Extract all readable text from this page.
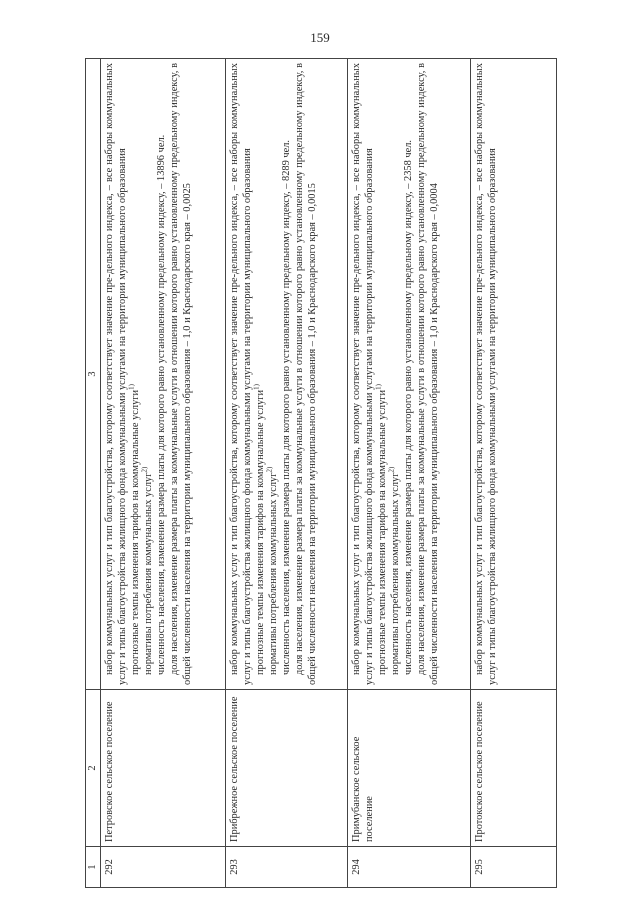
159
1	2	3
292	Петровское сельское поселение	набор коммунальных услуг и тип благоустройства, которому соответствует значение пре-дельного индекса, – все наборы коммунальных услуг и типы благоустройства жилищного фонда коммунальными услугами на территории муниципального образования прогнозные темпы изменения тарифов на коммунальные услуги$^{1)}$
нормативы потребления коммунальных услуг$^{2)}$ численность населения, изменение размера платы для которого равно установленному предельному индексу, – 13896 чел. доля населения, изменение размера платы за коммунальные услуги в отношении которого равно установленному предельному индексу, в общей численности населения на территории муниципального образования – 1,0 и Краснодарского края – 0,0025

293	Прибрежное сельское поселение	набор коммунальных услуг и тип благоустройства, которому соответствует значение пре-дельного индекса, – все наборы коммунальных услуг и типы благоустройства жилищного фонда коммунальными услугами на территории муниципального образования прогнозные темпы изменения тарифов на коммунальные услуги$^{1)}$
нормативы потребления коммунальных услуг$^{2)}$ численность населения, изменение размера платы для которого равно установленному предельному индексу, – 8289 чел. доля населения, изменение размера платы за коммунальные услуги в отношении которого равно установленному предельному индексу, в общей численности населения на территории муниципального образования – 1,0 и Краснодарского края – 0,0015

294	Примубанское сельское поселение	набор коммунальных услуг и тип благоустройства, которому соответствует значение пре-дельного индекса, – все наборы коммунальных услуг и типы благоустройства жилищного фонда коммунальными услугами на территории муниципального образования прогнозные темпы изменения тарифов на коммунальные услуги$^{1)}$
нормативы потребления коммунальных услуг$^{2)}$ численность населения, изменение размера платы для которого равно установленному предельному индексу, – 2358 чел. доля населения, изменение размера платы за коммунальные услуги в отношении которого равно установленному предельному индексу, в общей численности населения на территории муниципального образования – 1,0 и Краснодарского края – 0,0004

295	Протокское сельское поселение	набор коммунальных услуг и тип благоустройства, которому соответствует значение пре-дельного индекса, – все наборы коммунальных услуг и типы благоустройства жилищного фонда коммунальными услугами на территории муниципального образования
